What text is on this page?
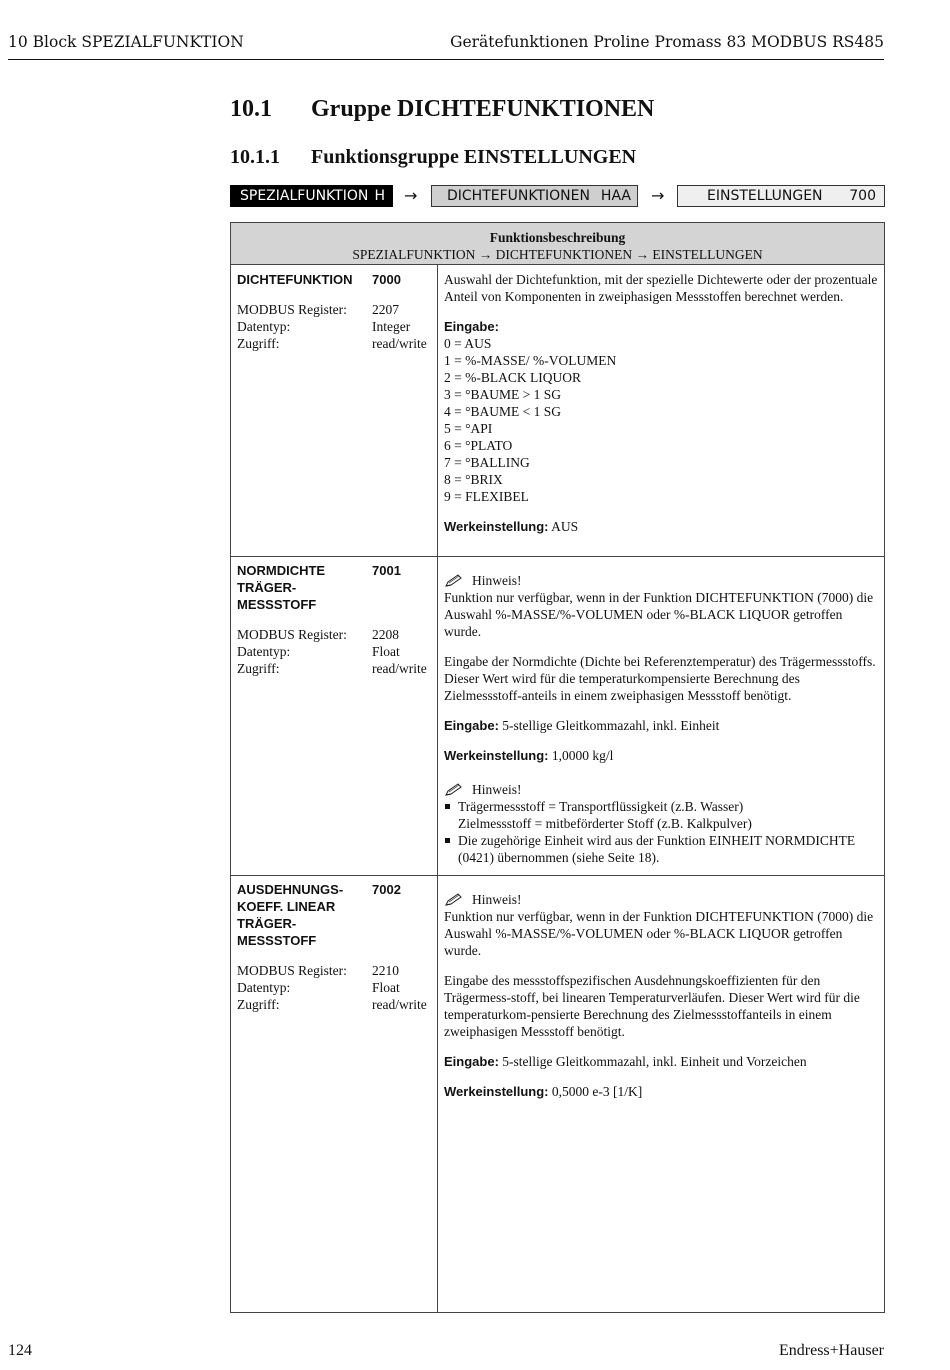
10 Block SPEZIALFUNKTION	Gerätefunktionen Proline Promass 83 MODBUS RS485
10.1 Gruppe DICHTEFUNKTIONEN
10.1.1 Funktionsgruppe EINSTELLUNGEN
SPEZIALFUNKTION H → DICHTEFUNKTIONEN HAA →	EINSTELLUNGEN 700
Funktionsbeschreibung
SPEZIALFUNKTION → DICHTEFUNKTIONEN → EINSTELLUNGEN
DICHTEFUNKTION 7000
MODBUS Register:	2207
Datentyp:	Integer
Zugriff:	read/write
Auswahl der Dichtefunktion, mit der spezielle Dichtewerte oder der prozentuale Anteil von Komponenten in zweiphasigen Messstoffen berechnet werden.
Eingabe:
0 = AUS
1 = %-MASSE/ %-VOLUMEN
2 = %-BLACK LIQUOR
3 = °BAUME > 1 SG
4 = °BAUME < 1 SG
5 = °API
6 = °PLATO
7 = °BALLING
8 = °BRIX
9 = FLEXIBEL
Werkeinstellung: AUS
NORMDICHTE
TRÄGER-
MESSSTOFF
7001
MODBUS Register:	2208
Datentyp:	Float
Zugriff:	read/write
Hinweis!
Funktion nur verfügbar, wenn in der Funktion DICHTEFUNKTION (7000) die Auswahl %-MASSE/%-VOLUMEN oder %-BLACK LIQUOR getroffen wurde.
Eingabe der Normdichte (Dichte bei Referenztemperatur) des Trägermessstoffs. Dieser Wert wird für die temperaturkompensierte Berechnung des Zielmessstoff-anteils in einem zweiphasigen Messstoff benötigt.
Eingabe: 5-stellige Gleitkommazahl, inkl. Einheit
Werkeinstellung: 1,0000 kg/l
Hinweis!
Trägermessstoff = Transportflüssigkeit (z.B. Wasser)
Zielmessstoff = mitbeförderter Stoff (z.B. Kalkpulver)
Die zugehörige Einheit wird aus der Funktion EINHEIT NORMDICHTE (0421) übernommen (siehe Seite 18).
AUSDEHNUNGS-
KOEFF. LINEAR
TRÄGER-
MESSSTOFF
7002
MODBUS Register:	2210
Datentyp:	Float
Zugriff:	read/write
Hinweis!
Funktion nur verfügbar, wenn in der Funktion DICHTEFUNKTION (7000) die Auswahl %-MASSE/%-VOLUMEN oder %-BLACK LIQUOR getroffen wurde.
Eingabe des messstoffspezifischen Ausdehnungskoeffizienten für den Trägermess-stoff, bei linearen Temperaturverläufen. Dieser Wert wird für die temperaturkom-pensierte Berechnung des Zielmessstoffanteils in einem zweiphasigen Messstoff benötigt.
Eingabe: 5-stellige Gleitkommazahl, inkl. Einheit und Vorzeichen
Werkeinstellung: 0,5000 e-3 [1/K]
124	Endress+Hauser
